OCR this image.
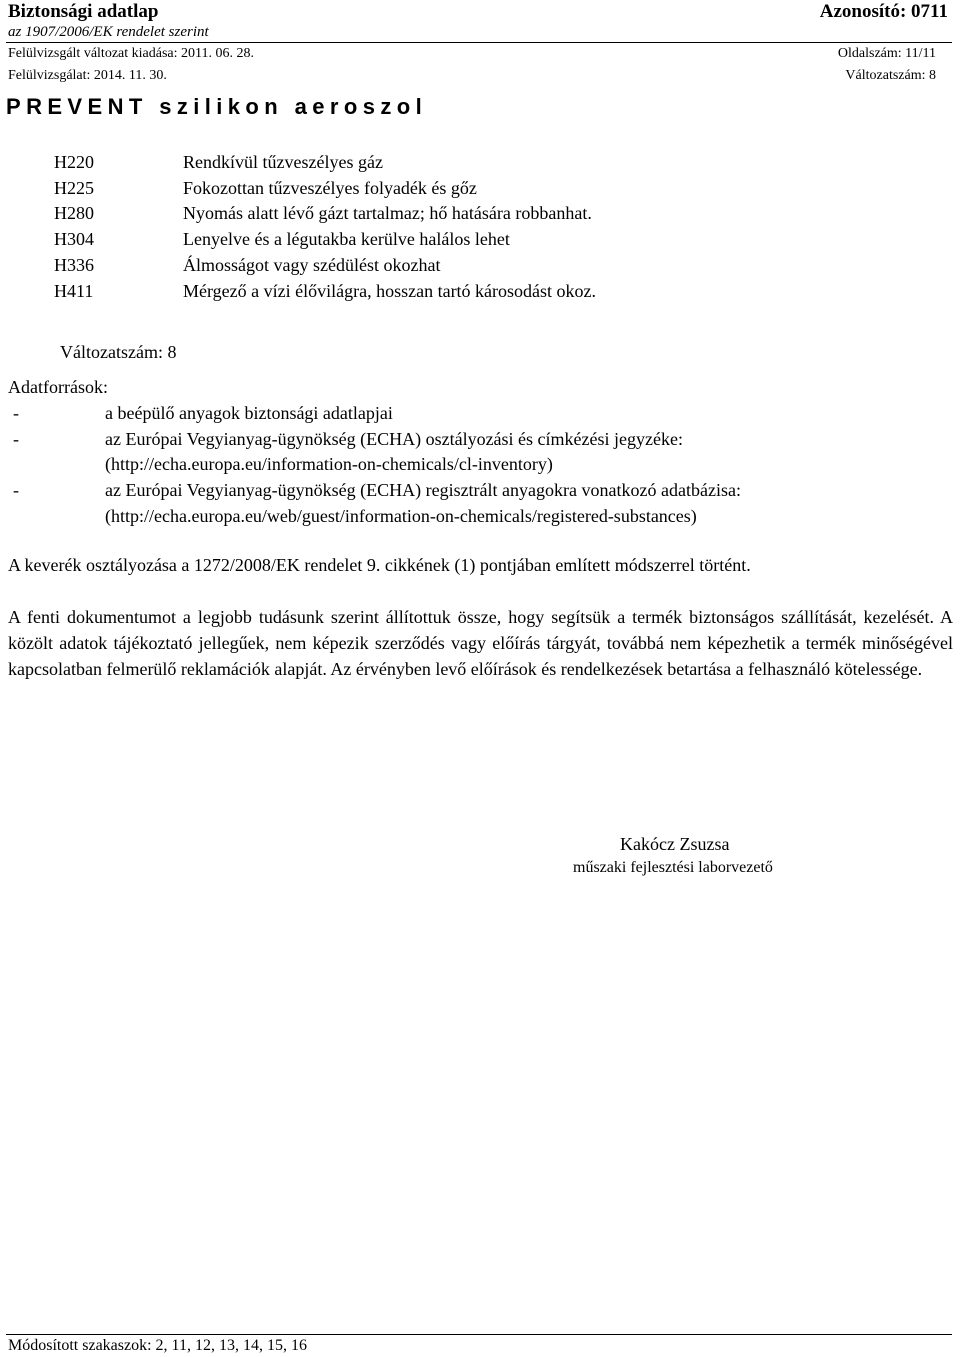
Biztonsági adatlap	Azonosító: 0711
az 1907/2006/EK rendelet szerint
Felülvizsgált változat kiadása: 2011. 06. 28.	Oldalszám: 11/11
Felülvizsgálat: 2014. 11. 30.	Változatszám: 8
PREVENT szilikon aeroszol
H220	Rendkívül tűzveszélyes gáz
H225	Fokozottan tűzveszélyes folyadék és gőz
H280	Nyomás alatt lévő gázt tartalmaz; hő hatására robbanhat.
H304	Lenyelve és a légutakba kerülve halálos lehet
H336	Álmosságot vagy szédülést okozhat
H411	Mérgező a vízi élővilágra, hosszan tartó károsodást okoz.
Változatszám: 8
Adatforrások:
-	a beépülő anyagok biztonsági adatlapjai
-	az Európai Vegyianyag-ügynökség (ECHA) osztályozási és címkézési jegyzéke:
(http://echa.europa.eu/information-on-chemicals/cl-inventory)
-	az Európai Vegyianyag-ügynökség (ECHA) regisztrált anyagokra vonatkozó adatbázisa:
(http://echa.europa.eu/web/guest/information-on-chemicals/registered-substances)
A keverék osztályozása a 1272/2008/EK rendelet 9. cikkének (1) pontjában említett módszerrel történt.
A fenti dokumentumot a legjobb tudásunk szerint állítottuk össze, hogy segítsük a termék biztonságos szállítását, kezelését. A közölt adatok tájékoztató jellegűek, nem képezik szerződés vagy előírás tárgyát, továbbá nem képezhetik a termék minőségével kapcsolatban felmerülő reklamációk alapját. Az érvényben levő előírások és rendelkezések betartása a felhasználó kötelessége.
Kakócz Zsuzsa
műszaki fejlesztési laborvezető
Módosított szakaszok: 2, 11, 12, 13, 14, 15, 16
